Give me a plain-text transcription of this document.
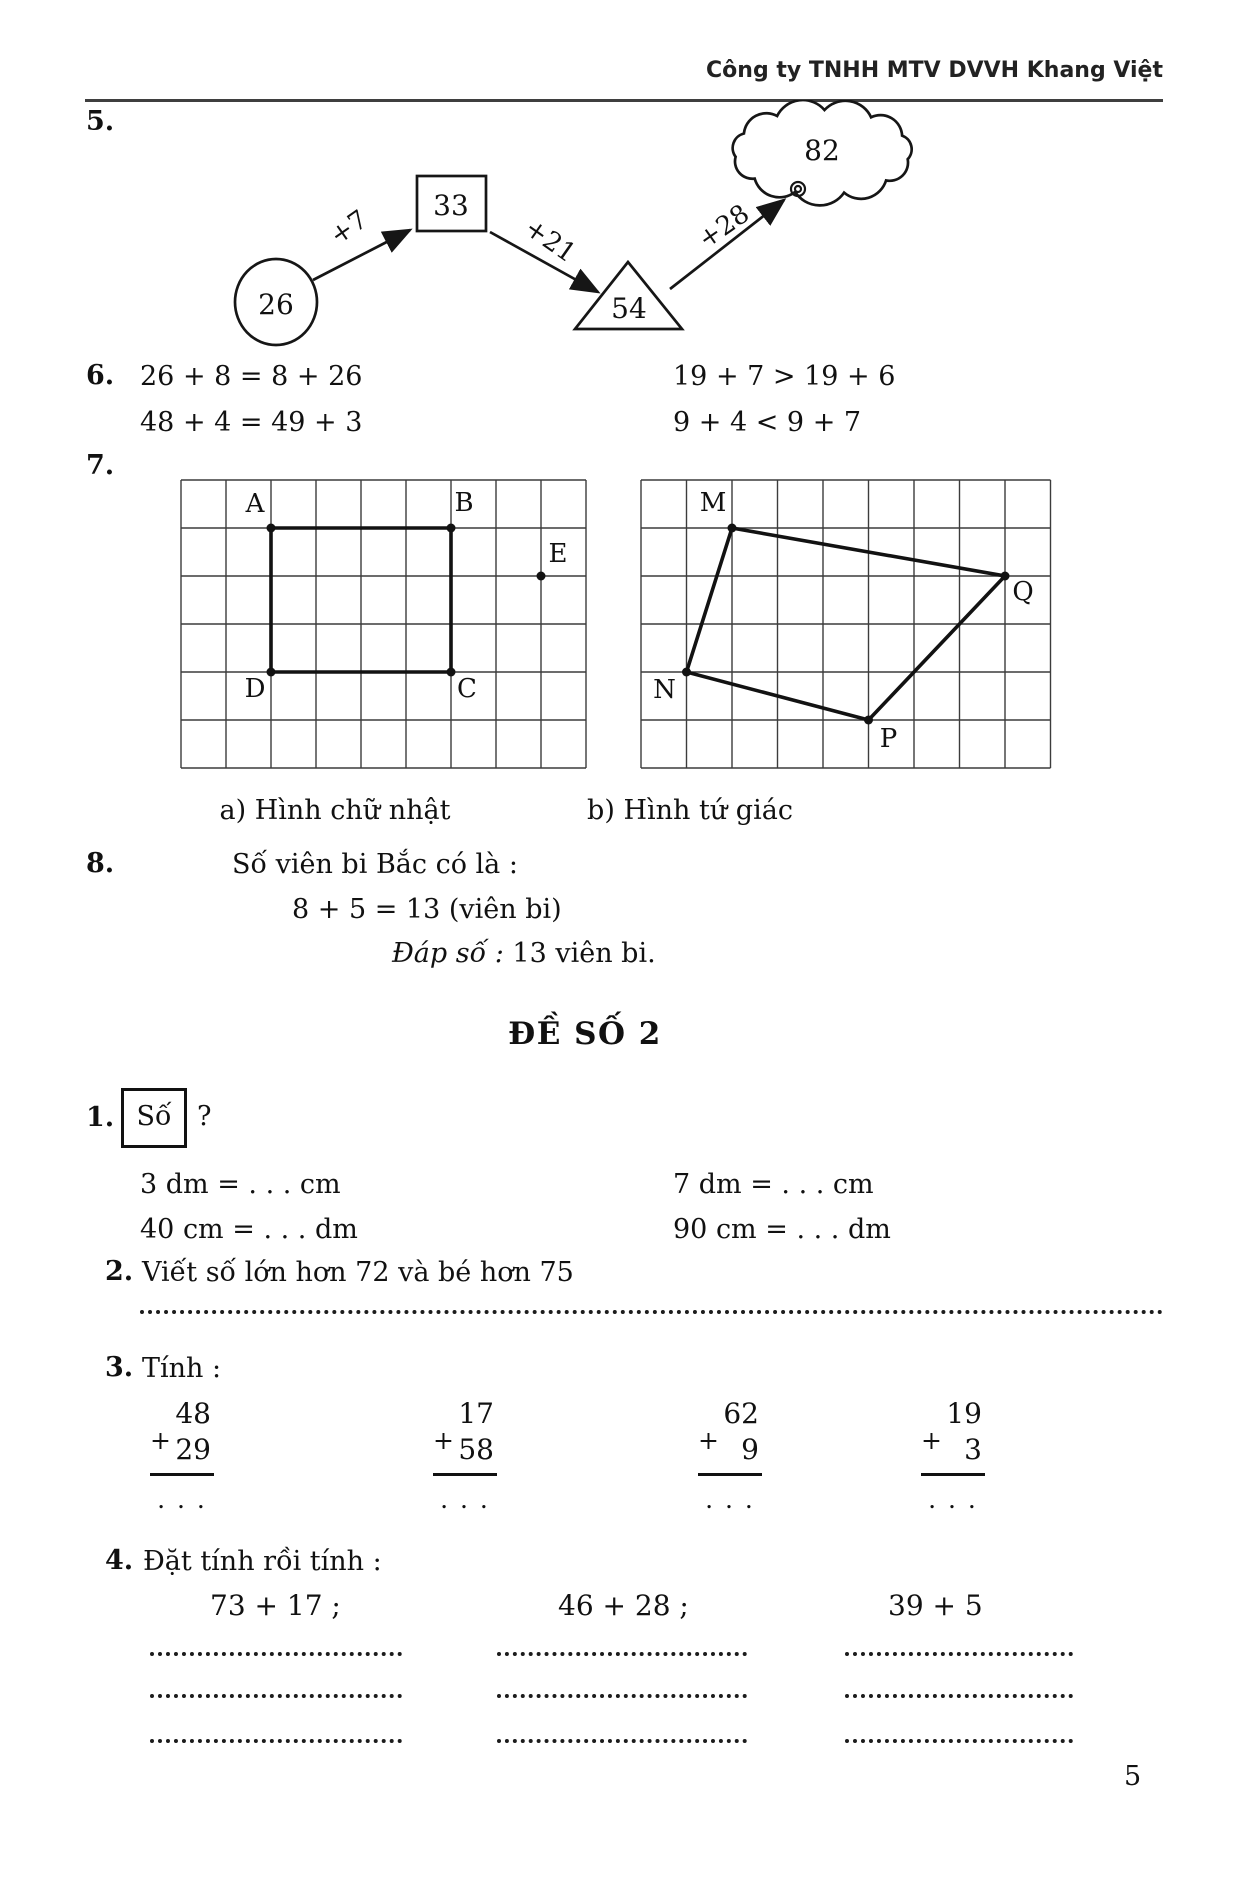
Công ty TNHH MTV DVVH Khang Việt
5.
26
33
54
82
+7	+21	+28
6. 26 + 8 = 8 + 26	19 + 7 > 19 + 6
48 + 4 = 49 + 3	9 + 4 < 9 + 7
7.
A	B
C
D
E
M
Q
P
N
a) Hình chữ nhật	b) Hình tứ giác
8.	Số viên bi Bắc có là :
8 + 5 = 13 (viên bi)
Đáp số : 13 viên bi.
ĐỀ SỐ 2
1. Số ?
3 dm = . . . cm	7 dm = . . . cm
40 cm = . . . dm	90 cm = . . . dm
2. Viết số lớn hơn 72 và bé hơn 75
3. Tính :
48
+ 29
. . .
17
+ 58
. . .
62
+ 9
. . .
19
+ 3
. . .
4. Đặt tính rồi tính :
73 + 17 ;	46 + 28 ;	39 + 5
5
